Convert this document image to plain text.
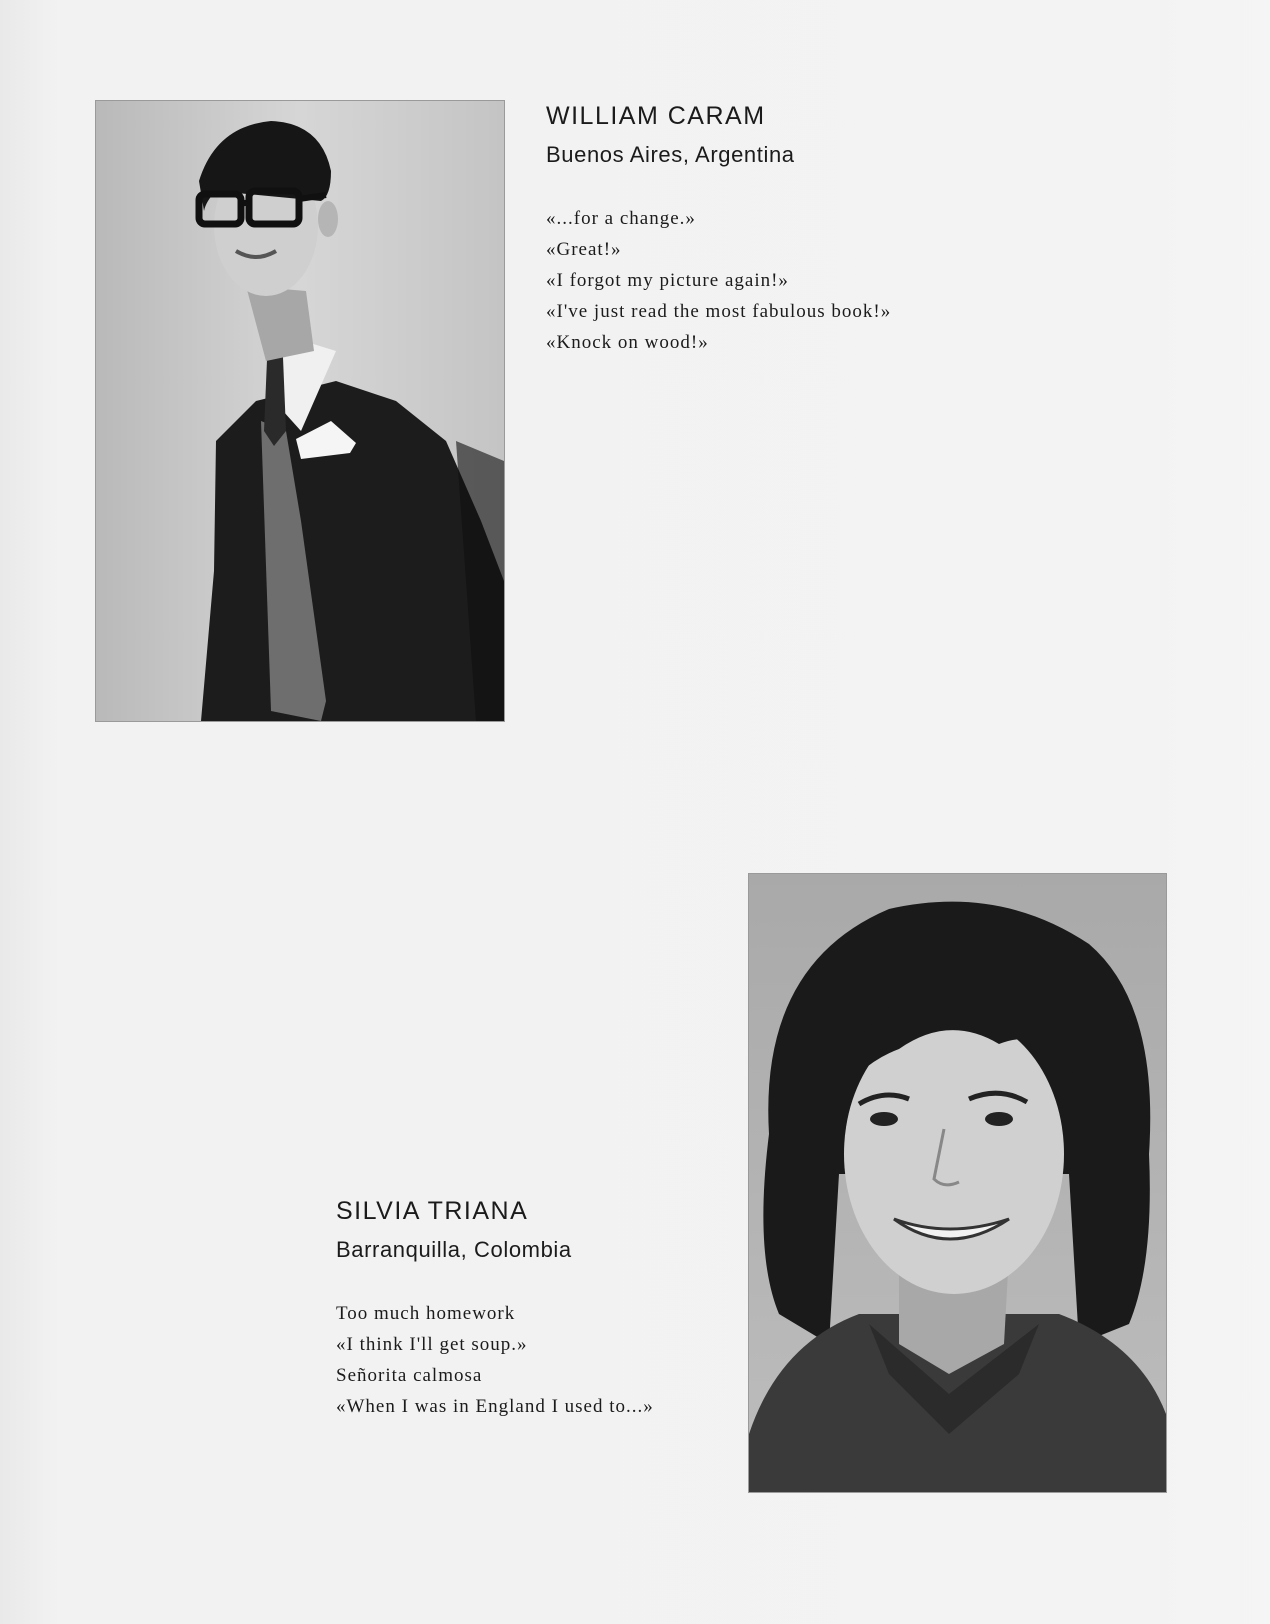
WILLIAM CARAM
Buenos Aires, Argentina
«...for a change.»
«Great!»
«I forgot my picture again!»
«I've just read the most fabulous book!»
«Knock on wood!»
SILVIA TRIANA
Barranquilla, Colombia
Too much homework
«I think I'll get soup.»
Señorita calmosa
«When I was in England I used to...»
